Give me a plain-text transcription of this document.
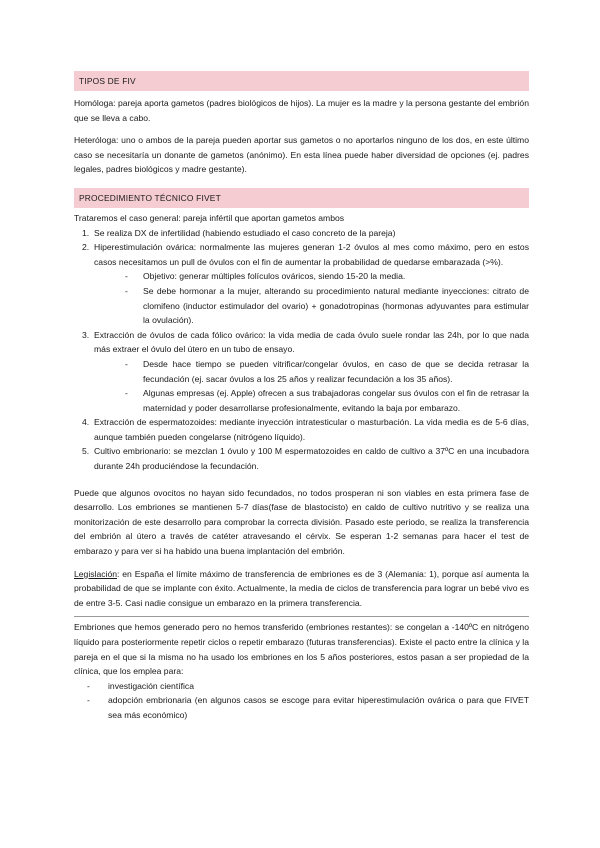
TIPOS DE FIV

Homóloga: pareja aporta gametos (padres biológicos de hijos). La mujer es la madre y la persona gestante del embrión que se lleva a cabo.

Heteróloga: uno o ambos de la pareja pueden aportar sus gametos o no aportarlos ninguno de los dos, en este último caso se necesitaría un donante de gametos (anónimo). En esta línea puede haber diversidad de opciones (ej. padres legales, padres biológicos y madre gestante).

PROCEDIMIENTO TÉCNICO FIVET

Trataremos el caso general: pareja infértil que aportan gametos ambos

1. Se realiza DX de infertilidad (habiendo estudiado el caso concreto de la pareja)
2. Hiperestimulación ovárica: normalmente las mujeres generan 1-2 óvulos al mes como máximo, pero en estos casos necesitamos un pull de óvulos con el fin de aumentar la probabilidad de quedarse embarazada (>%).
- Objetivo: generar múltiples folículos ováricos, siendo 15-20 la media.
- Se debe hormonar a la mujer, alterando su procedimiento natural mediante inyecciones: citrato de clomifeno (inductor estimulador del ovario) + gonadotropinas (hormonas adyuvantes para estimular la ovulación).
3. Extracción de óvulos de cada fólico ovárico: la vida media de cada óvulo suele rondar las 24h, por lo que nada más extraer el óvulo del útero en un tubo de ensayo.
- Desde hace tiempo se pueden vitrificar/congelar óvulos, en caso de que se decida retrasar la fecundación (ej. sacar óvulos a los 25 años y realizar fecundación a los 35 años).
- Algunas empresas (ej. Apple) ofrecen a sus trabajadoras congelar sus óvulos con el fin de retrasar la maternidad y poder desarrollarse profesionalmente, evitando la baja por embarazo.
4. Extracción de espermatozoides: mediante inyección intratesticular o masturbación. La vida media es de 5-6 días, aunque también pueden congelarse (nitrógeno líquido).
5. Cultivo embrionario: se mezclan 1 óvulo y 100 M espermatozoides en caldo de cultivo a 37ºC en una incubadora durante 24h produciéndose la fecundación.

Puede que algunos ovocitos no hayan sido fecundados, no todos prosperan ni son viables en esta primera fase de desarrollo. Los embriones se mantienen 5-7 días(fase de blastocisto) en caldo de cultivo nutritivo y se realiza una monitorización de este desarrollo para comprobar la correcta división. Pasado este periodo, se realiza la transferencia del embrión al útero a través de catéter atravesando el cérvix. Se esperan 1-2 semanas para hacer el test de embarazo y para ver si ha habido una buena implantación del embrión.

Legislación: en España el límite máximo de transferencia de embriones es de 3 (Alemania: 1), porque así aumenta la probabilidad de que se implante con éxito. Actualmente, la media de ciclos de transferencia para lograr un bebé vivo es de entre 3-5. Casi nadie consigue un embarazo en la primera transferencia.

Embriones que hemos generado pero no hemos transferido (embriones restantes): se congelan a -140ºC en nitrógeno líquido para posteriormente repetir ciclos o repetir embarazo (futuras transferencias). Existe el pacto entre la clínica y la pareja en el que si la misma no ha usado los embriones en los 5 años posteriores, estos pasan a ser propiedad de la clínica, que los emplea para:

- investigación científica
- adopción embrionaria (en algunos casos se escoge para evitar hiperestimulación ovárica o para que FIVET sea más económico)
